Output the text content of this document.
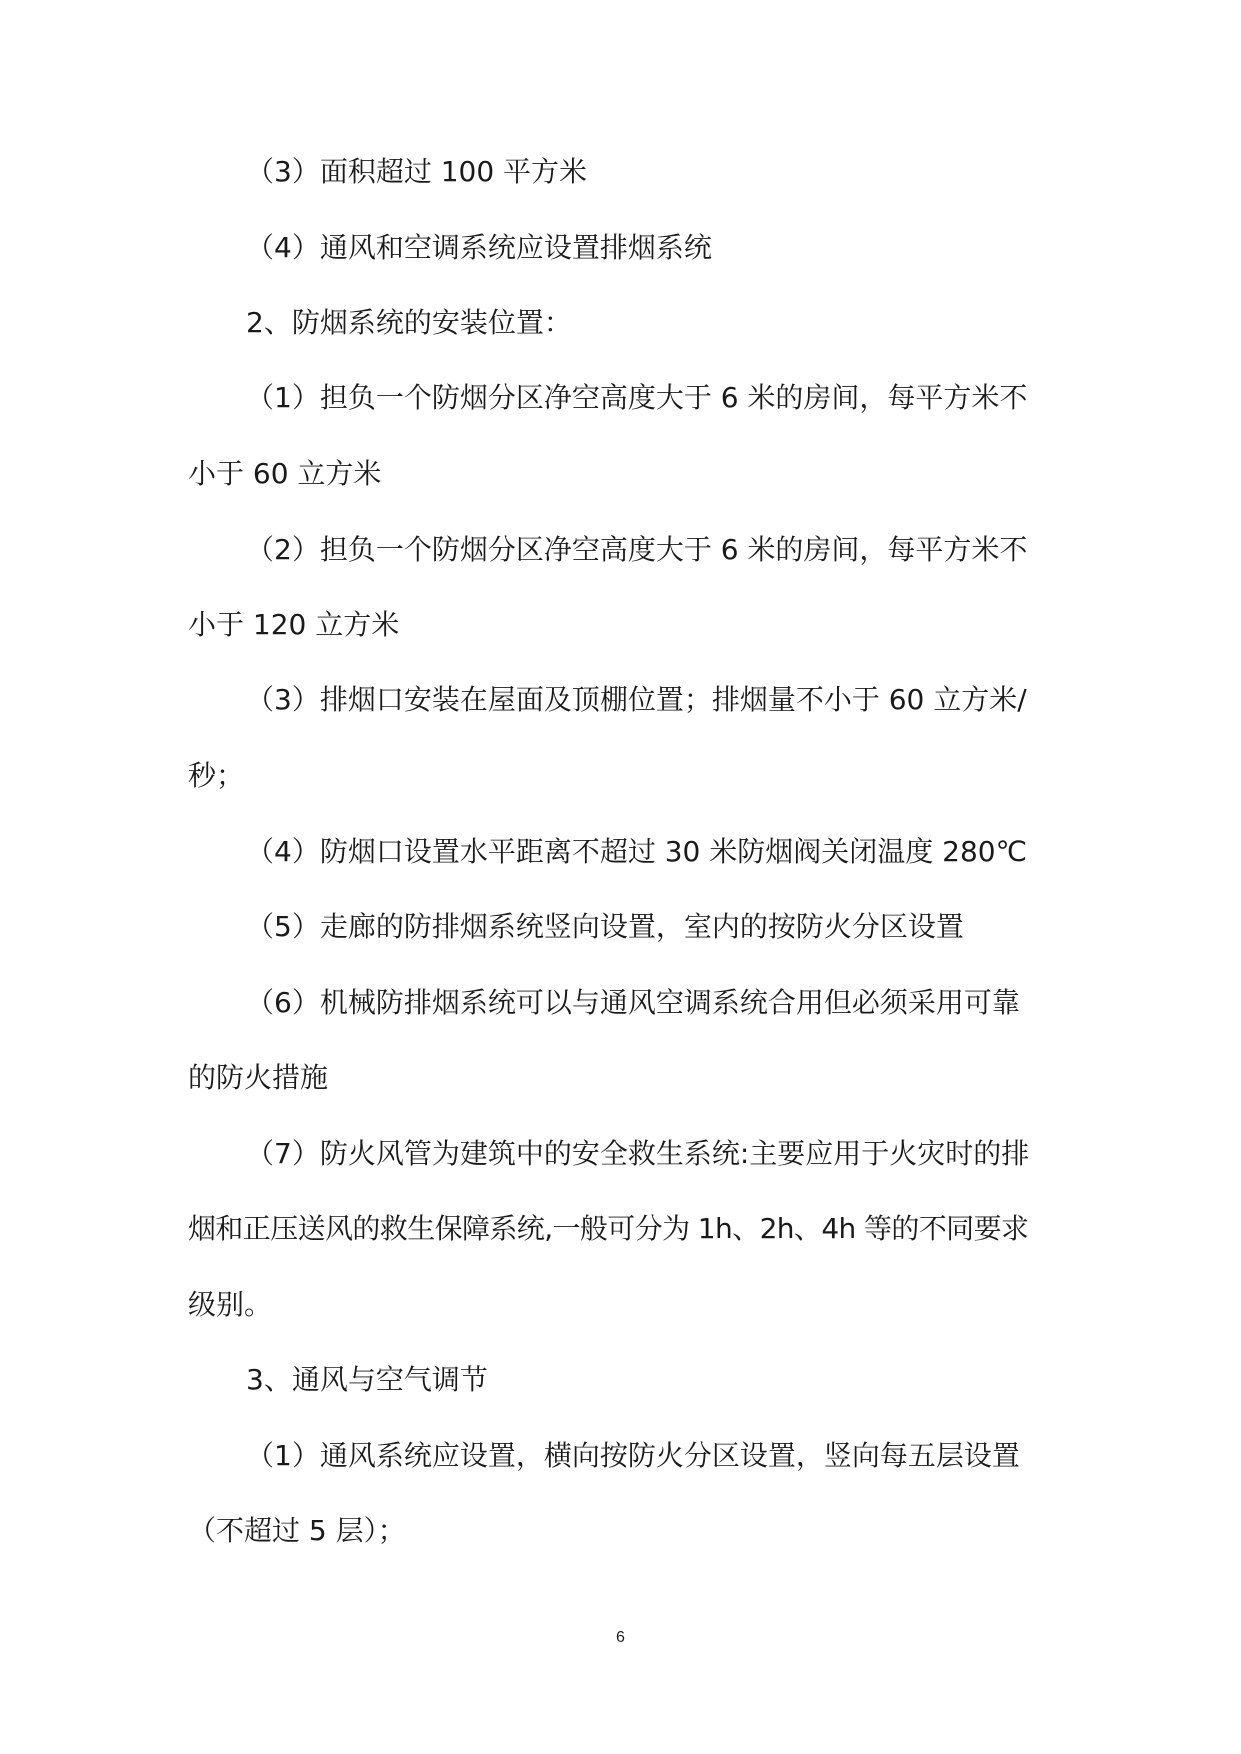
（3）面积超过 100 平方米
（4）通风和空调系统应设置排烟系统
2、防烟系统的安装位置：
（1）担负一个防烟分区净空高度大于 6 米的房间，每平方米不
小于 60 立方米
（2）担负一个防烟分区净空高度大于 6 米的房间，每平方米不
小于 120 立方米
（3）排烟口安装在屋面及顶棚位置；排烟量不小于 60 立方米/
秒；
（4）防烟口设置水平距离不超过 30 米防烟阀关闭温度 280℃
（5）走廊的防排烟系统竖向设置，室内的按防火分区设置
（6）机械防排烟系统可以与通风空调系统合用但必须采用可靠
的防火措施
（7）防火风管为建筑中的安全救生系统:主要应用于火灾时的排
烟和正压送风的救生保障系统,一般可分为 1h、2h、4h 等的不同要求
级别。
3、通风与空气调节
（1）通风系统应设置，横向按防火分区设置，竖向每五层设置
（不超过 5 层）；
6
